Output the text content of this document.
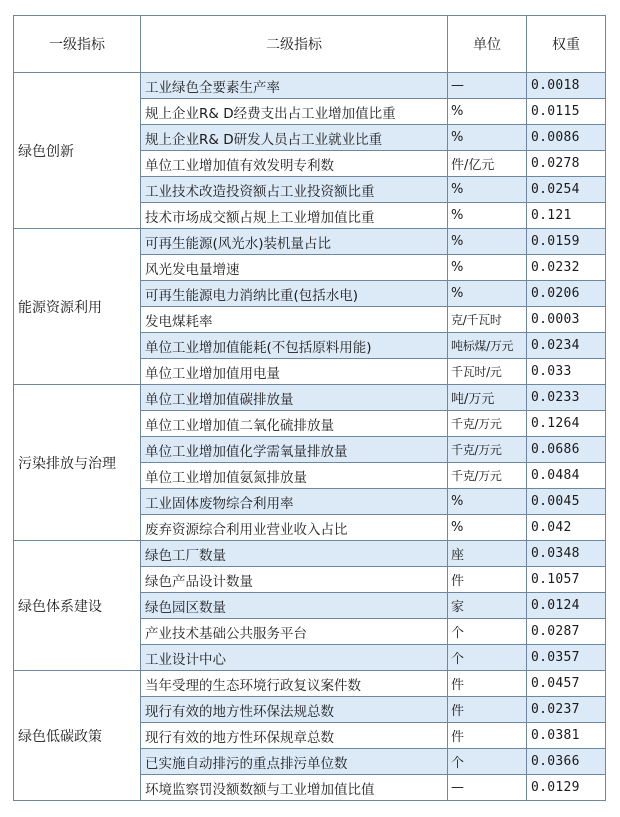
一级指标	二级指标	单位	权重
绿色创新	工业绿色全要素生产率	—	0.0018
	规上企业R& D经费支出占工业增加值比重	%	0.0115
	规上企业R& D研发人员占工业就业比重	%	0.0086
	单位工业增加值有效发明专利数	件/亿元	0.0278
	工业技术改造投资额占工业投资额比重	%	0.0254
	技术市场成交额占规上工业增加值比重	%	0.121
能源资源利用	可再生能源(风光水)装机量占比	%	0.0159
	风光发电量增速	%	0.0232
	可再生能源电力消纳比重(包括水电)	%	0.0206
	发电煤耗率	克/千瓦时	0.0003
	单位工业增加值能耗(不包括原料用能)	吨标煤/万元	0.0234
	单位工业增加值用电量	千瓦时/元	0.033
污染排放与治理	单位工业增加值碳排放量	吨/万元	0.0233
	单位工业增加值二氧化硫排放量	千克/万元	0.1264
	单位工业增加值化学需氧量排放量	千克/万元	0.0686
	单位工业增加值氨氮排放量	千克/万元	0.0484
	工业固体废物综合利用率	%	0.0045
	废弃资源综合利用业营业收入占比	%	0.042
绿色体系建设	绿色工厂数量	座	0.0348
	绿色产品设计数量	件	0.1057
	绿色园区数量	家	0.0124
	产业技术基础公共服务平台	个	0.0287
	工业设计中心	个	0.0357
绿色低碳政策	当年受理的生态环境行政复议案件数	件	0.0457
	现行有效的地方性环保法规总数	件	0.0237
	现行有效的地方性环保规章总数	件	0.0381
	已实施自动排污的重点排污单位数	个	0.0366
	环境监察罚没额数额与工业增加值比值	—	0.0129
